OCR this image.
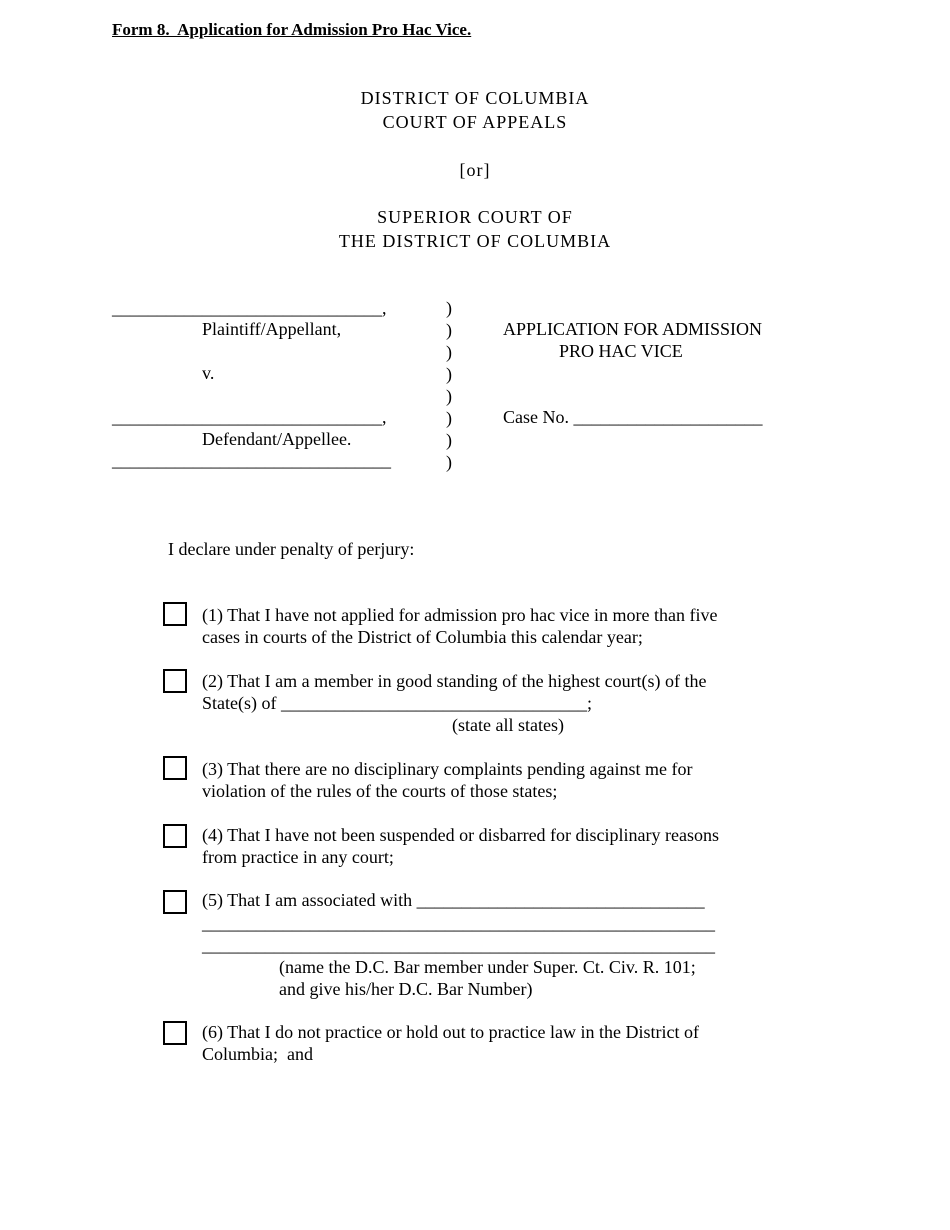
Form 8.  Application for Admission Pro Hac Vice.
DISTRICT OF COLUMBIA
COURT OF APPEALS
[or]
SUPERIOR COURT OF
THE DISTRICT OF COLUMBIA
______________________________,
Plaintiff/Appellant,
v.
______________________________,
Defendant/Appellee.
_______________________________
)
)
)
)
)
)
)
)
APPLICATION FOR ADMISSION
PRO HAC VICE
Case No. _____________________
I declare under penalty of perjury:
(1) That I have not applied for admission pro hac vice in more than five
cases in courts of the District of Columbia this calendar year;
(2) That I am a member in good standing of the highest court(s) of the
State(s) of __________________________________;
(state all states)
(3) That there are no disciplinary complaints pending against me for
violation of the rules of the courts of those states;
(4) That I have not been suspended or disbarred for disciplinary reasons
from practice in any court;
(5) That I am associated with ________________________________
_________________________________________________________
_________________________________________________________
(name the D.C. Bar member under Super. Ct. Civ. R. 101;
and give his/her D.C. Bar Number)
(6) That I do not practice or hold out to practice law in the District of
Columbia;  and
